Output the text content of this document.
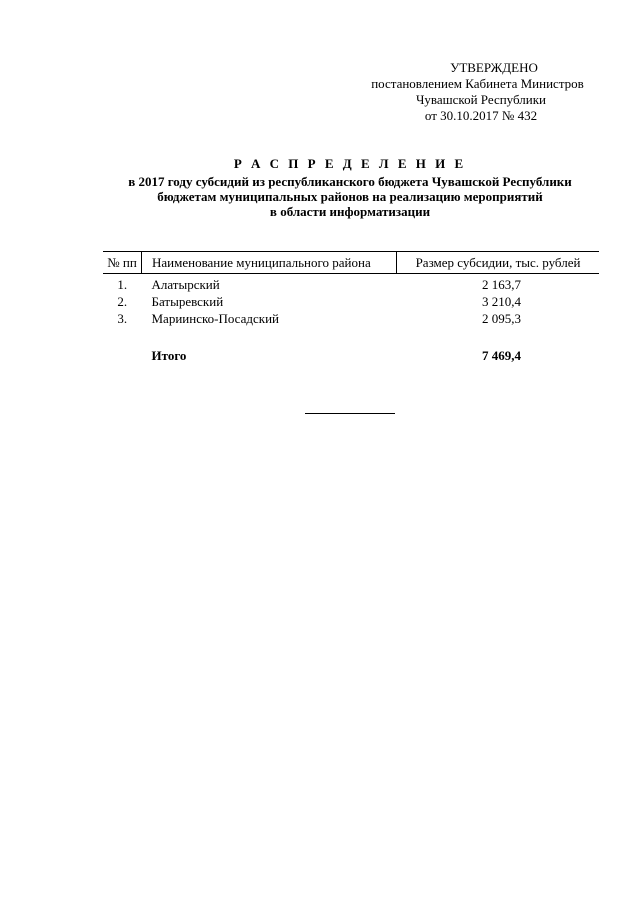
УТВЕРЖДЕНО
постановлением Кабинета Министров
Чувашской Республики
от 30.10.2017 № 432
Р А С П Р Е Д Е Л Е Н И Е
в 2017 году субсидий из республиканского бюджета Чувашской Республики
бюджетам муниципальных районов на реализацию мероприятий
в области информатизации
№ пп	Наименование муниципального района	Размер субсидии, тыс. рублей
1.	Алатырский	2 163,7
2.	Батыревский	3 210,4
3.	Мариинско-Посадский	2 095,3
	Итого	7 469,4
